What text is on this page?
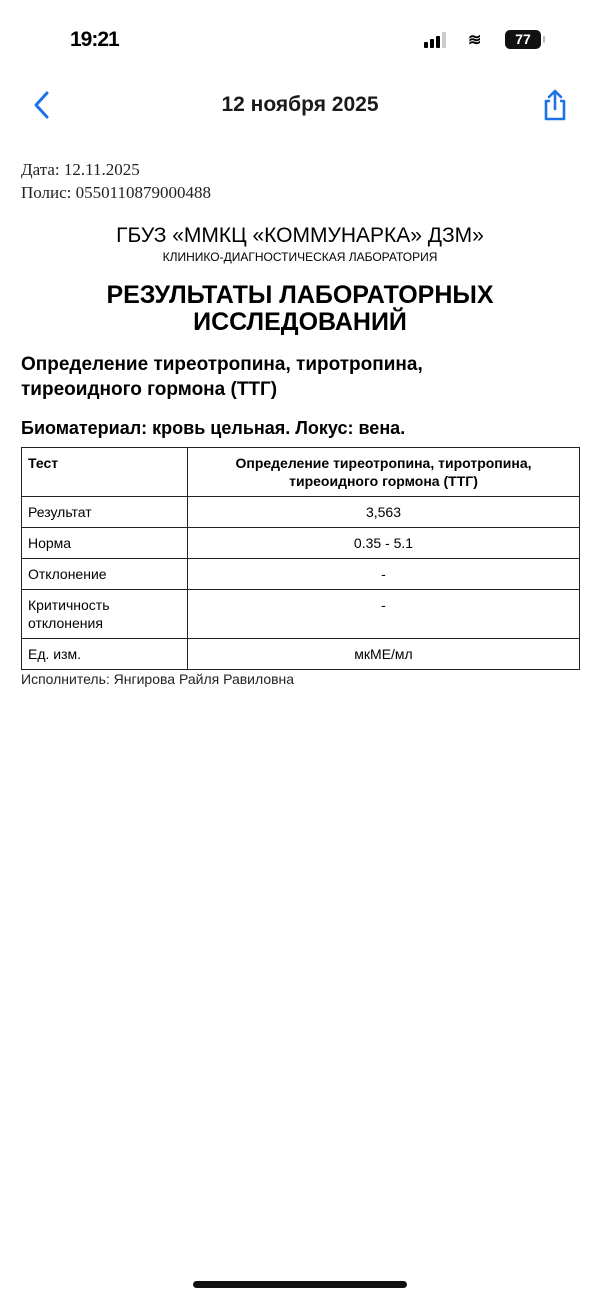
19:21	≋	77
12 ноября 2025
Дата: 12.11.2025
Полис: 0550110879000488
ГБУЗ «ММКЦ «КОММУНАРКА» ДЗМ»
КЛИНИКО-ДИАГНОСТИЧЕСКАЯ ЛАБОРАТОРИЯ
РЕЗУЛЬТАТЫ ЛАБОРАТОРНЫХ ИССЛЕДОВАНИЙ
Определение тиреотропина, тиротропина, тиреоидного гормона (ТТГ)
Биоматериал: кровь цельная. Локус: вена.
Тест	Определение тиреотропина, тиротропина, тиреоидного гормона (ТТГ)
Результат	3,563
Норма	0.35 - 5.1
Отклонение	-
Критичность отклонения	-
Ед. изм.	мкМЕ/мл
Исполнитель: Янгирова Райля Равиловна
